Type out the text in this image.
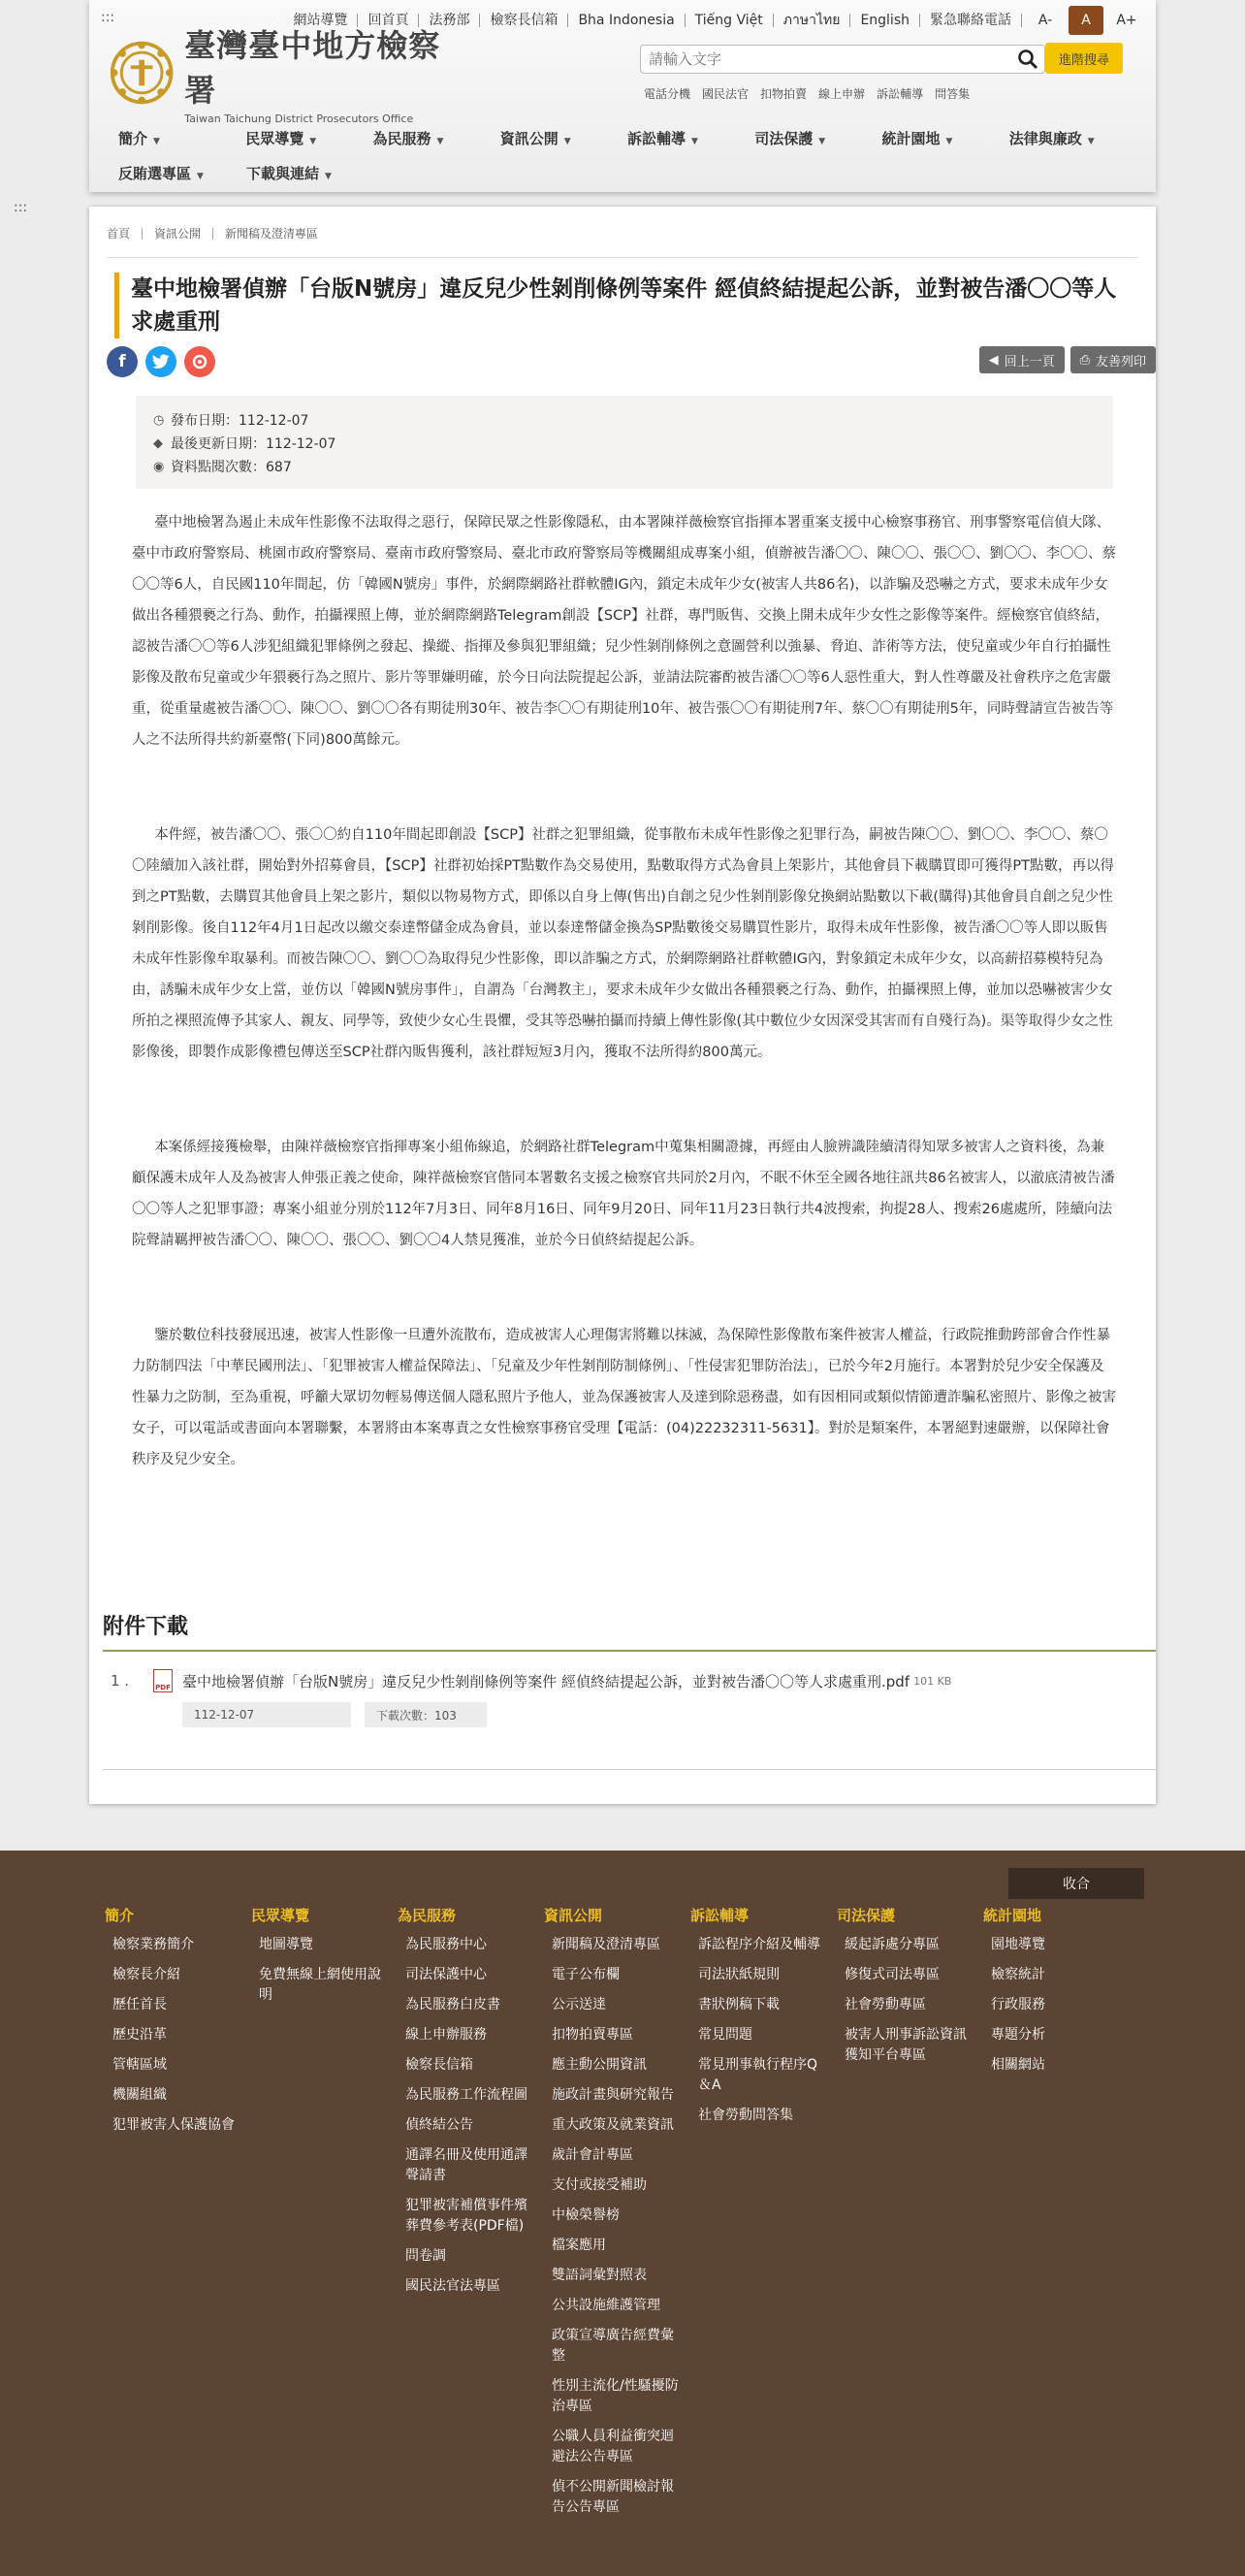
:::	網站導覽	回首頁	法務部	檢察長信箱	Bha Indonesia	Tiếng Việt	ภาษาไทย	English	緊急聯絡電話	A-	A	A+
臺灣臺中地方檢察署
Taiwan Taichung District Prosecutors Office
請輸入文字
進階搜尋
電話分機 國民法官 扣物拍賣 線上申辦 訴訟輔導 問答集
簡介 ▼	民眾導覽 ▼	為民服務 ▼	資訊公開 ▼	訴訟輔導 ▼	司法保護 ▼	統計園地 ▼	法律與廉政 ▼
反賄選專區 ▼	下載與連結 ▼
:::
首頁	資訊公開	新聞稿及澄清專區
臺中地檢署偵辦「台版N號房」違反兒少性剝削條例等案件 經偵終結提起公訴，並對被告潘〇〇等人求處重刑
f	◀ 回上一頁 ⎙ 友善列印
◷ 發布日期： 112-12-07
◆ 最後更新日期： 112-12-07
◉ 資料點閱次數： 687

臺中地檢署為遏止未成年性影像不法取得之惡行，保障民眾之性影像隱私，由本署陳祥薇檢察官指揮本署重案支援中心檢察事務官、刑事警察電信偵大隊、臺中市政府警察局、桃園市政府警察局、臺南市政府警察局、臺北市政府警察局等機關組成專案小組，偵辦被告潘〇〇、陳〇〇、張〇〇、劉〇〇、李〇〇、蔡〇〇等6人，自民國110年間起，仿「韓國N號房」事件，於網際網路社群軟體IG內，鎖定未成年少女(被害人共86名)，以詐騙及恐嚇之方式，要求未成年少女做出各種猥褻之行為、動作，拍攝裸照上傳，並於網際網路Telegram創設【SCP】社群，專門販售、交換上開未成年少女性之影像等案件。經檢察官偵終結，認被告潘〇〇等6人涉犯組織犯罪條例之發起、操縱、指揮及參與犯罪組織；兒少性剝削條例之意圖營利以強暴、脅迫、詐術等方法，使兒童或少年自行拍攝性影像及散布兒童或少年猥褻行為之照片、影片等罪嫌明確，於今日向法院提起公訴，並請法院審酌被告潘〇〇等6人惡性重大，對人性尊嚴及社會秩序之危害嚴重，從重量處被告潘〇〇、陳〇〇、劉〇〇各有期徒刑30年、被告李〇〇有期徒刑10年、被告張〇〇有期徒刑7年、蔡〇〇有期徒刑5年，同時聲請宣告被告等人之不法所得共約新臺幣(下同)800萬餘元。

本件經，被告潘〇〇、張〇〇約自110年間起即創設【SCP】社群之犯罪組織，從事散布未成年性影像之犯罪行為，嗣被告陳〇〇、劉〇〇、李〇〇、蔡〇〇陸續加入該社群，開始對外招募會員，【SCP】社群初始採PT點數作為交易使用，點數取得方式為會員上架影片，其他會員下載購買即可獲得PT點數，再以得到之PT點數，去購買其他會員上架之影片，類似以物易物方式，即係以自身上傳(售出)自創之兒少性剝削影像兌換網站點數以下載(購得)其他會員自創之兒少性剝削影像。後自112年4月1日起改以繳交泰達幣儲金成為會員，並以泰達幣儲金換為SP點數後交易購買性影片，取得未成年性影像，被告潘〇〇等人即以販售未成年性影像牟取暴利。而被告陳〇〇、劉〇〇為取得兒少性影像，即以詐騙之方式，於網際網路社群軟體IG內，對象鎖定未成年少女，以高薪招募模特兒為由，誘騙未成年少女上當，並仿以「韓國N號房事件」，自謂為「台灣教主」，要求未成年少女做出各種猥褻之行為、動作，拍攝裸照上傳，並加以恐嚇被害少女所拍之裸照流傳予其家人、親友、同學等，致使少女心生畏懼，受其等恐嚇拍攝而持續上傳性影像(其中數位少女因深受其害而有自殘行為)。渠等取得少女之性影像後，即製作成影像禮包傳送至SCP社群內販售獲利，該社群短短3月內，獲取不法所得約800萬元。

本案係經接獲檢舉，由陳祥薇檢察官指揮專案小組佈線追，於網路社群Telegram中蒐集相關證據，再經由人臉辨識陸續清得知眾多被害人之資料後，為兼顧保護未成年人及為被害人伸張正義之使命，陳祥薇檢察官偕同本署數名支援之檢察官共同於2月內，不眠不休至全國各地往訊共86名被害人，以澈底清被告潘〇〇等人之犯罪事證；專案小組並分別於112年7月3日、同年8月16日、同年9月20日、同年11月23日執行共4波搜索，拘提28人、搜索26處處所，陸續向法院聲請羈押被告潘〇〇、陳〇〇、張〇〇、劉〇〇4人禁見獲准，並於今日偵終結提起公訴。

鑒於數位科技發展迅速，被害人性影像一旦遭外流散布，造成被害人心理傷害將難以抹滅，為保障性影像散布案件被害人權益，行政院推動跨部會合作性暴力防制四法「中華民國刑法」、「犯罪被害人權益保障法」、「兒童及少年性剝削防制條例」、「性侵害犯罪防治法」，已於今年2月施行。本署對於兒少安全保護及性暴力之防制，至為重視，呼籲大眾切勿輕易傳送個人隱私照片予他人，並為保護被害人及達到除惡務盡，如有因相同或類似情節遭詐騙私密照片、影像之被害女子，可以電話或書面向本署聯繫，本署將由本案專責之女性檢察事務官受理【電話：(04)22232311-5631】。對於是類案件，本署絕對速嚴辦，以保障社會秩序及兒少安全。

附件下載
1 .	PDF 臺中地檢署偵辦「台版N號房」違反兒少性剝削條例等案件 經偵終結提起公訴，並對被告潘〇〇等人求處重刑.pdf 101 KB
112-12-07	下載次數：103
收合
簡介
檢察業務簡介
檢察長介紹
歷任首長
歷史沿革
管轄區域
機關組織
犯罪被害人保護協會
民眾導覽
地圖導覽
免費無線上網使用說明
為民服務
為民服務中心
司法保護中心
為民服務白皮書
線上申辦服務
檢察長信箱
為民服務工作流程圖
偵終結公告
通譯名冊及使用通譯聲請書
犯罪被害補償事件殯葬費參考表(PDF檔)
問卷調
國民法官法專區
資訊公開
新聞稿及澄清專區
電子公布欄
公示送達
扣物拍賣專區
應主動公開資訊
施政計畫與研究報告
重大政策及就業資訊
歲計會計專區
支付或接受補助
中檢榮譽榜
檔案應用
雙語詞彙對照表
公共設施維護管理
政策宣導廣告經費彙整
性別主流化/性騷擾防治專區
公職人員利益衝突迴避法公告專區
偵不公開新聞檢討報告公告專區
訴訟輔導
訴訟程序介紹及輔導
司法狀紙規則
書狀例稿下載
常見問題
常見刑事執行程序Q＆A
社會勞動問答集
司法保護
緩起訴處分專區
修復式司法專區
社會勞動專區
被害人刑事訴訟資訊獲知平台專區
統計園地
園地導覽
檢察統計
行政服務
專題分析
相關網站
